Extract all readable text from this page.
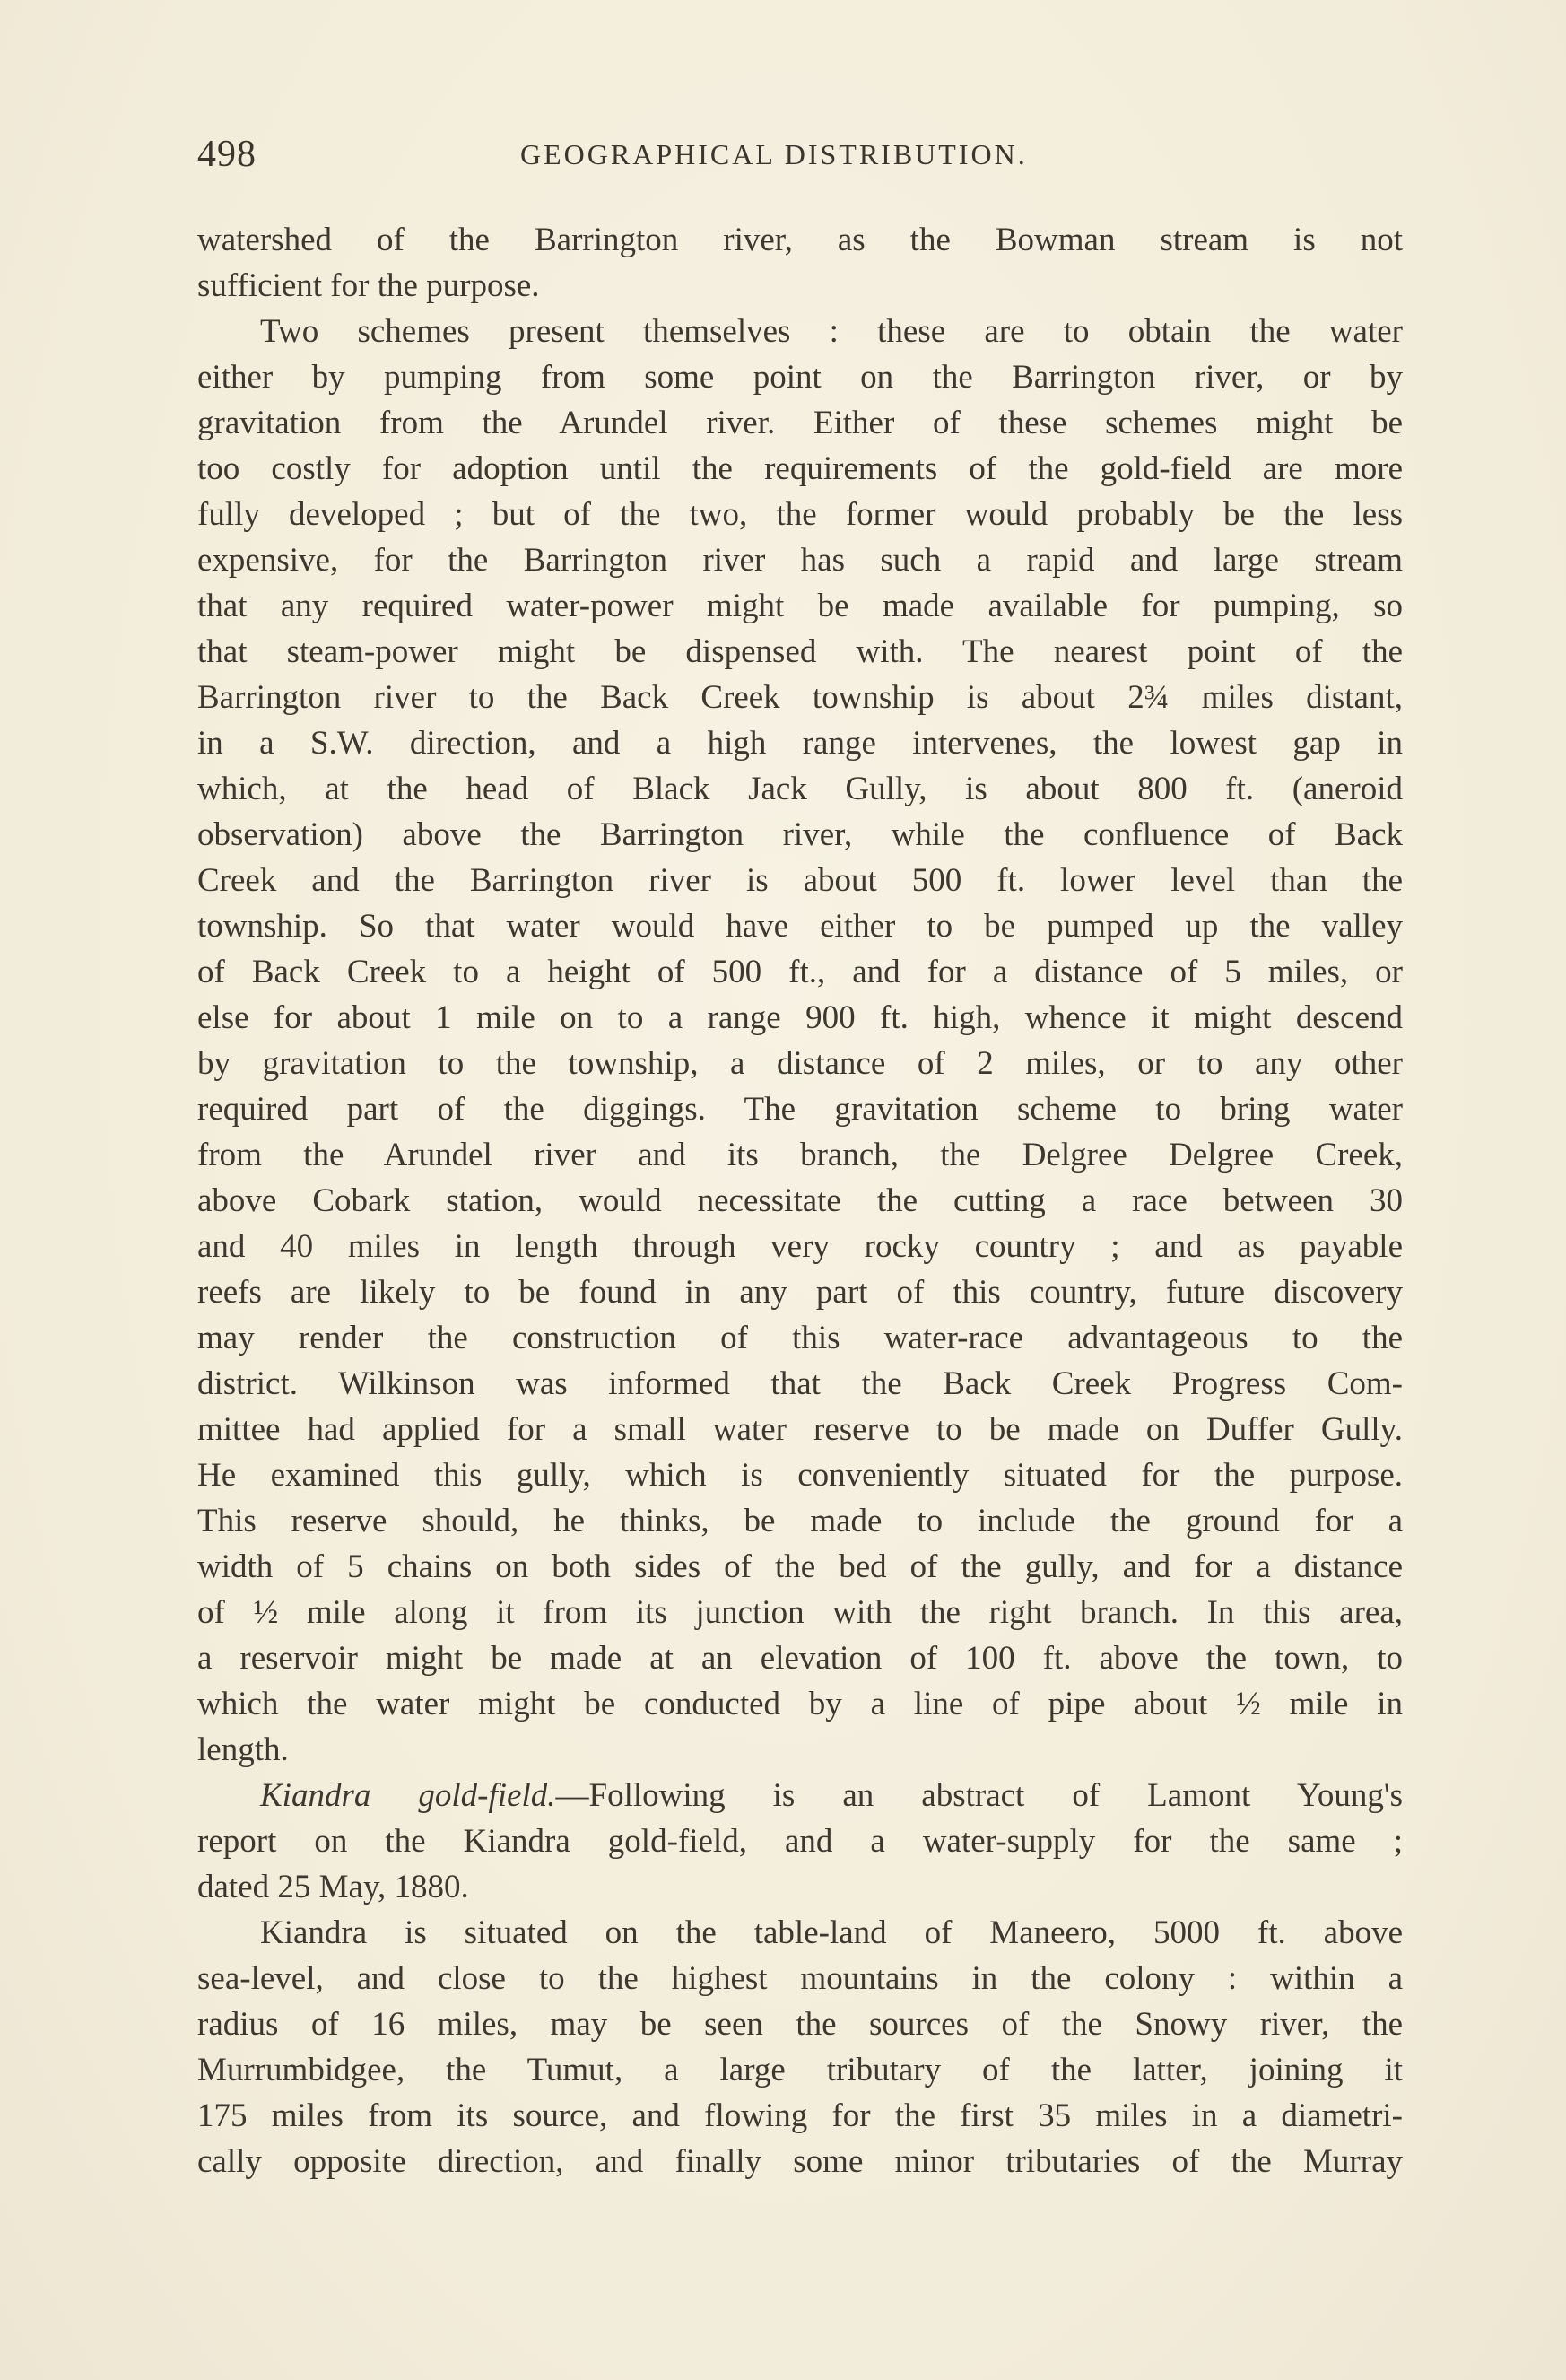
498	GEOGRAPHICAL DISTRIBUTION.
watershed of the Barrington river, as the Bowman stream is not
sufficient for the purpose.
Two schemes present themselves : these are to obtain the water
either by pumping from some point on the Barrington river, or by
gravitation from the Arundel river. Either of these schemes might be
too costly for adoption until the requirements of the gold-field are more
fully developed ; but of the two, the former would probably be the less
expensive, for the Barrington river has such a rapid and large stream
that any required water-power might be made available for pumping, so
that steam-power might be dispensed with. The nearest point of the
Barrington river to the Back Creek township is about 2¾ miles distant,
in a S.W. direction, and a high range intervenes, the lowest gap in
which, at the head of Black Jack Gully, is about 800 ft. (aneroid
observation) above the Barrington river, while the confluence of Back
Creek and the Barrington river is about 500 ft. lower level than the
township. So that water would have either to be pumped up the valley
of Back Creek to a height of 500 ft., and for a distance of 5 miles, or
else for about 1 mile on to a range 900 ft. high, whence it might descend
by gravitation to the township, a distance of 2 miles, or to any other
required part of the diggings. The gravitation scheme to bring water
from the Arundel river and its branch, the Delgree Delgree Creek,
above Cobark station, would necessitate the cutting a race between 30
and 40 miles in length through very rocky country ; and as payable
reefs are likely to be found in any part of this country, future discovery
may render the construction of this water-race advantageous to the
district. Wilkinson was informed that the Back Creek Progress Com-
mittee had applied for a small water reserve to be made on Duffer Gully.
He examined this gully, which is conveniently situated for the purpose.
This reserve should, he thinks, be made to include the ground for a
width of 5 chains on both sides of the bed of the gully, and for a distance
of ½ mile along it from its junction with the right branch. In this area,
a reservoir might be made at an elevation of 100 ft. above the town, to
which the water might be conducted by a line of pipe about ½ mile in
length.
Kiandra gold-field.—Following is an abstract of Lamont Young's
report on the Kiandra gold-field, and a water-supply for the same ;
dated 25 May, 1880.
Kiandra is situated on the table-land of Maneero, 5000 ft. above
sea-level, and close to the highest mountains in the colony : within a
radius of 16 miles, may be seen the sources of the Snowy river, the
Murrumbidgee, the Tumut, a large tributary of the latter, joining it
175 miles from its source, and flowing for the first 35 miles in a diametri-
cally opposite direction, and finally some minor tributaries of the Murray
